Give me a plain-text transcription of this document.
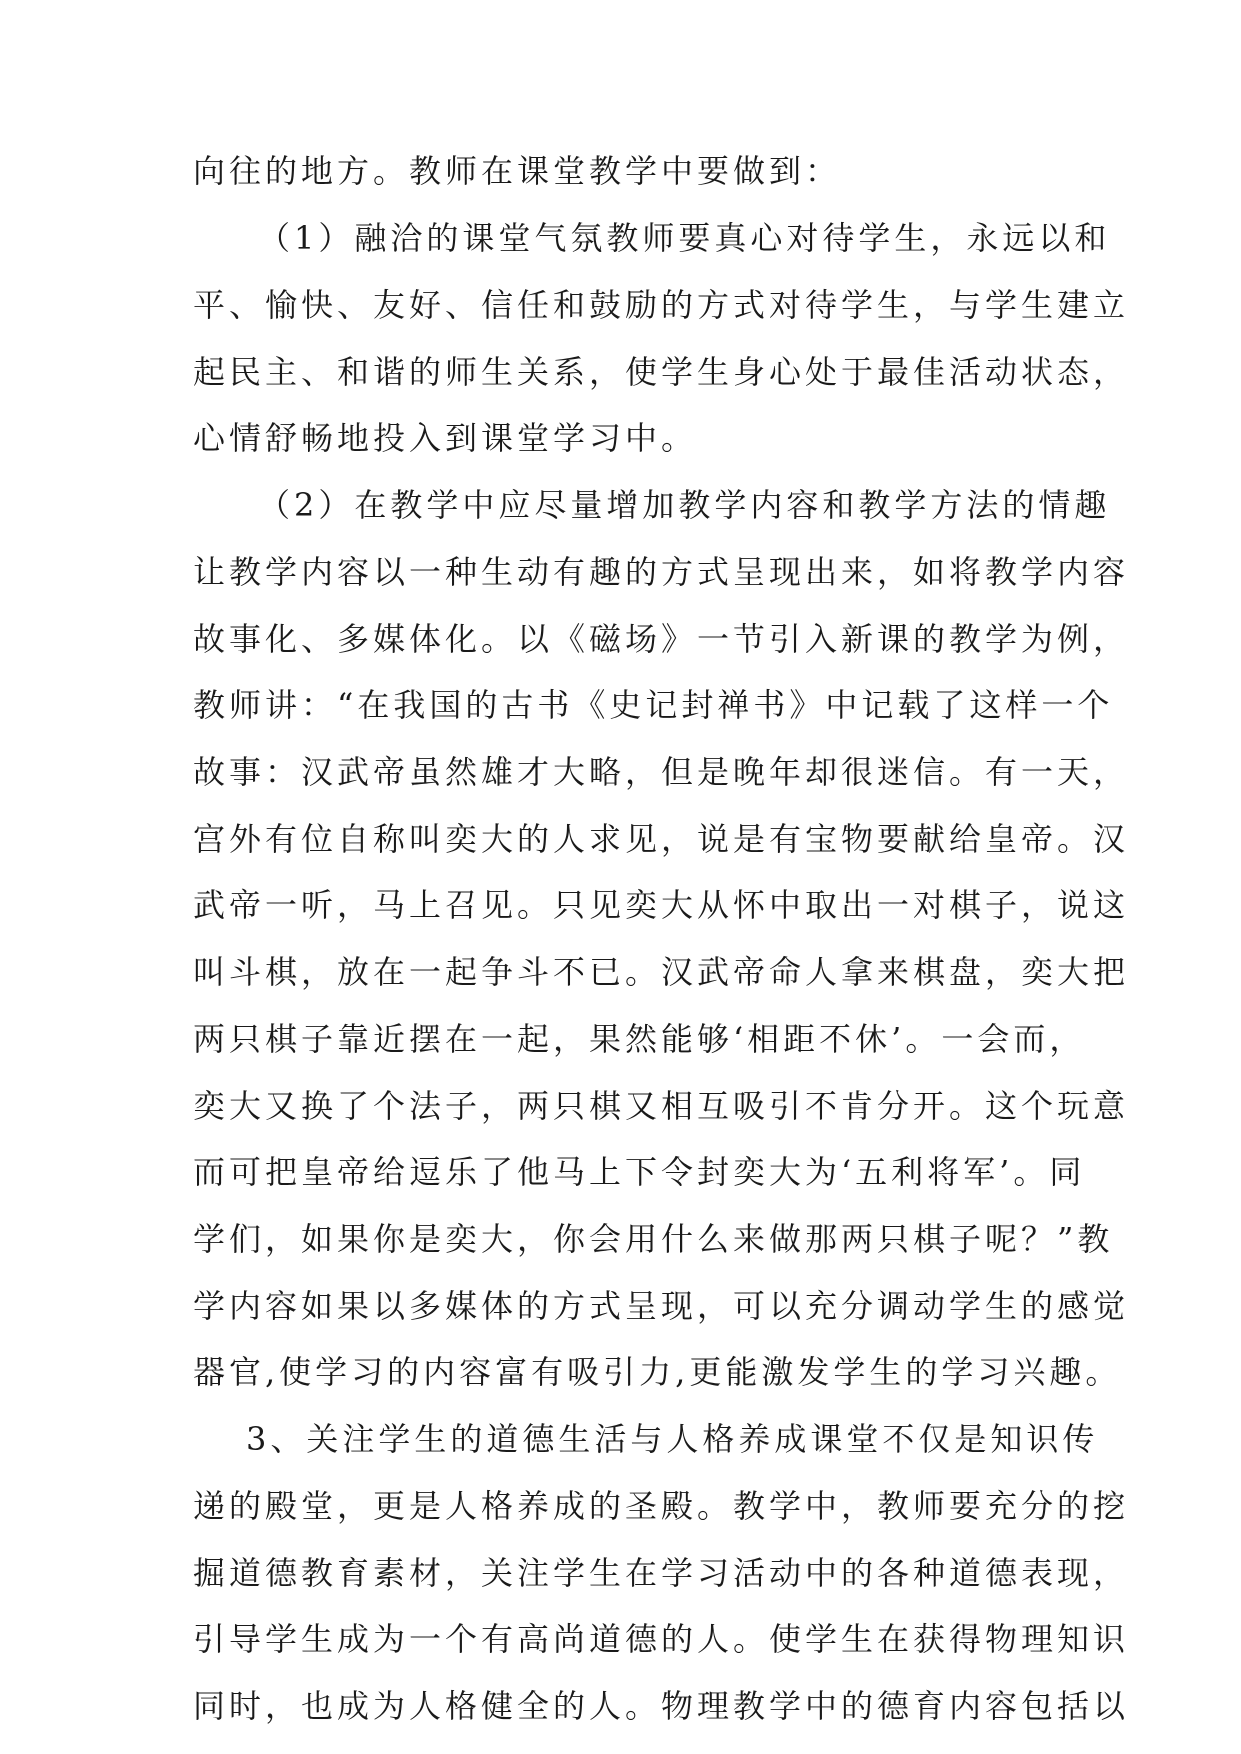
向往的地方。教师在课堂教学中要做到：
（1）融洽的课堂气氛教师要真心对待学生，永远以和
平、愉快、友好、信任和鼓励的方式对待学生，与学生建立
起民主、和谐的师生关系，使学生身心处于最佳活动状态，
心情舒畅地投入到课堂学习中。
（2）在教学中应尽量增加教学内容和教学方法的情趣
让教学内容以一种生动有趣的方式呈现出来，如将教学内容
故事化、多媒体化。以《磁场》一节引入新课的教学为例，
教师讲：“在我国的古书《史记封禅书》中记载了这样一个
故事：汉武帝虽然雄才大略，但是晚年却很迷信。有一天，
宫外有位自称叫奕大的人求见，说是有宝物要献给皇帝。汉
武帝一听，马上召见。只见奕大从怀中取出一对棋子，说这
叫斗棋，放在一起争斗不已。汉武帝命人拿来棋盘，奕大把
两只棋子靠近摆在一起，果然能够‘相距不休’。一会而，
奕大又换了个法子，两只棋又相互吸引不肯分开。这个玩意
而可把皇帝给逗乐了他马上下令封奕大为‘五利将军’。同
学们，如果你是奕大，你会用什么来做那两只棋子呢？”教
学内容如果以多媒体的方式呈现，可以充分调动学生的感觉
器官,使学习的内容富有吸引力,更能激发学生的学习兴趣。
3、关注学生的道德生活与人格养成课堂不仅是知识传
递的殿堂，更是人格养成的圣殿。教学中，教师要充分的挖
掘道德教育素材，关注学生在学习活动中的各种道德表现，
引导学生成为一个有高尚道德的人。使学生在获得物理知识
同时，也成为人格健全的人。物理教学中的德育内容包括以
